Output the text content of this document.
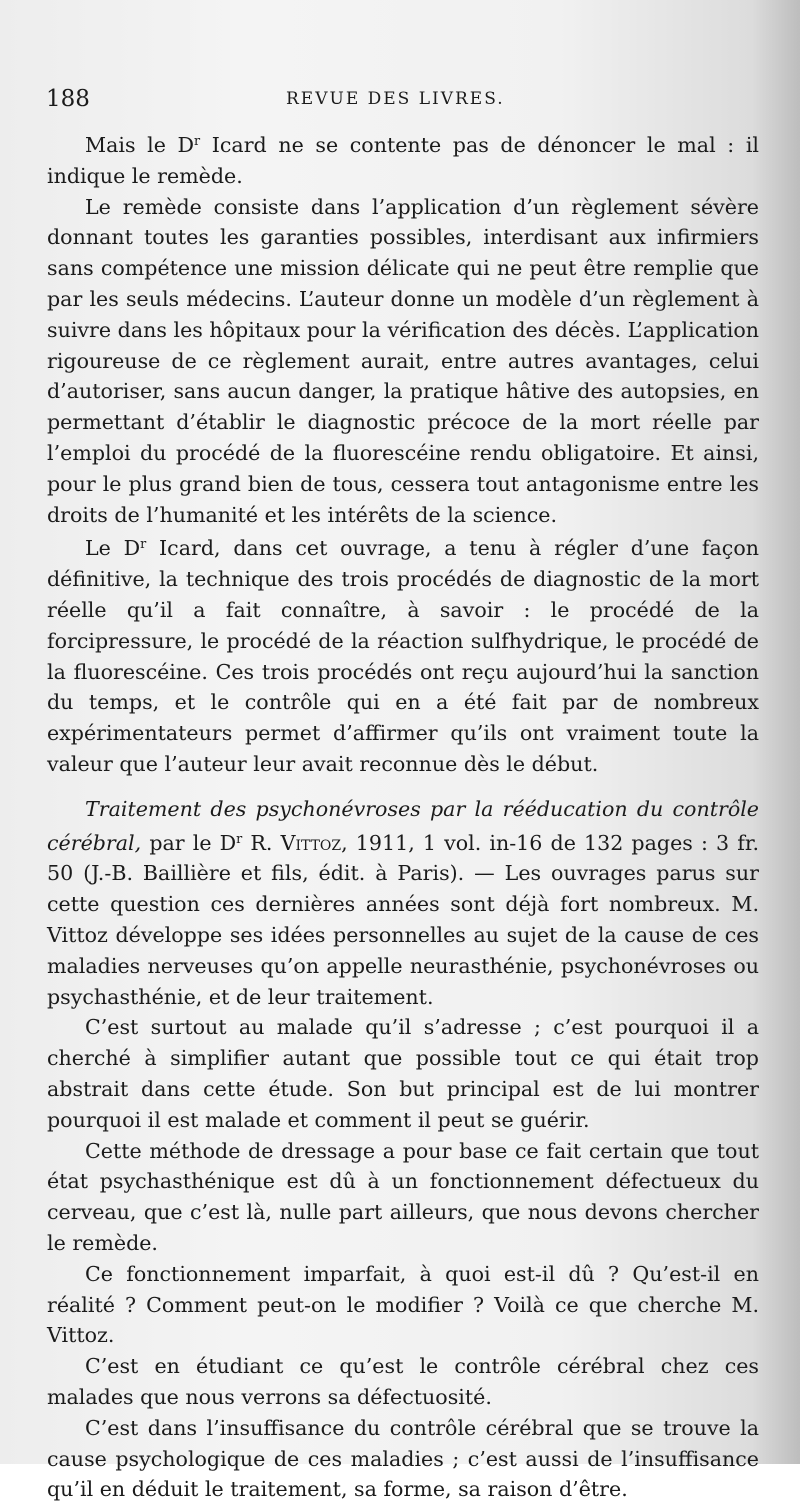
188	REVUE DES LIVRES.

Mais le $D^r$ Icard ne se contente pas de dénoncer le mal : il indique le remède.

Le remède consiste dans l’application d’un règlement sévère donnant toutes les garanties possibles, interdisant aux infirmiers sans compétence une mission délicate qui ne peut être remplie que par les seuls médecins. L’auteur donne un modèle d’un règlement à suivre dans les hôpitaux pour la vérification des décès. L’application rigoureuse de ce règlement aurait, entre autres avantages, celui d’autoriser, sans aucun danger, la pratique hâtive des autopsies, en permettant d’établir le diagnostic précoce de la mort réelle par l’emploi du procédé de la fluorescéine rendu obligatoire. Et ainsi, pour le plus grand bien de tous, cessera tout antagonisme entre les droits de l’humanité et les intérêts de la science.

Le $D^r$ Icard, dans cet ouvrage, a tenu à régler d’une façon définitive, la technique des trois procédés de diagnostic de la mort réelle qu’il a fait connaître, à savoir : le procédé de la forcipressure, le procédé de la réaction sulfhydrique, le procédé de la fluorescéine. Ces trois procédés ont reçu aujourd’hui la sanction du temps, et le contrôle qui en a été fait par de nombreux expérimentateurs permet d’affirmer qu’ils ont vraiment toute la valeur que l’auteur leur avait reconnue dès le début.

Traitement des psychonévroses par la rééducation du contrôle cérébral, par le $D^r$ R. Vittoz, 1911, 1 vol. in-16 de 132 pages : 3 fr. 50 (J.-B. Baillière et fils, édit. à Paris). — Les ouvrages parus sur cette question ces dernières années sont déjà fort nombreux. M. Vittoz développe ses idées personnelles au sujet de la cause de ces maladies nerveuses qu’on appelle neurasthénie, psychonévroses ou psychasthénie, et de leur traitement.

C’est surtout au malade qu’il s’adresse ; c’est pourquoi il a cherché à simplifier autant que possible tout ce qui était trop abstrait dans cette étude. Son but principal est de lui montrer pourquoi il est malade et comment il peut se guérir.

Cette méthode de dressage a pour base ce fait certain que tout état psychasthénique est dû à un fonctionnement défectueux du cerveau, que c’est là, nulle part ailleurs, que nous devons chercher le remède.

Ce fonctionnement imparfait, à quoi est-il dû ? Qu’est-il en réalité ? Comment peut-on le modifier ? Voilà ce que cherche M. Vittoz.

C’est en étudiant ce qu’est le contrôle cérébral chez ces malades que nous verrons sa défectuosité.

C’est dans l’insuffisance du contrôle cérébral que se trouve la cause psychologique de ces maladies ; c’est aussi de l’insuffisance qu’il en déduit le traitement, sa forme, sa raison d’être.
